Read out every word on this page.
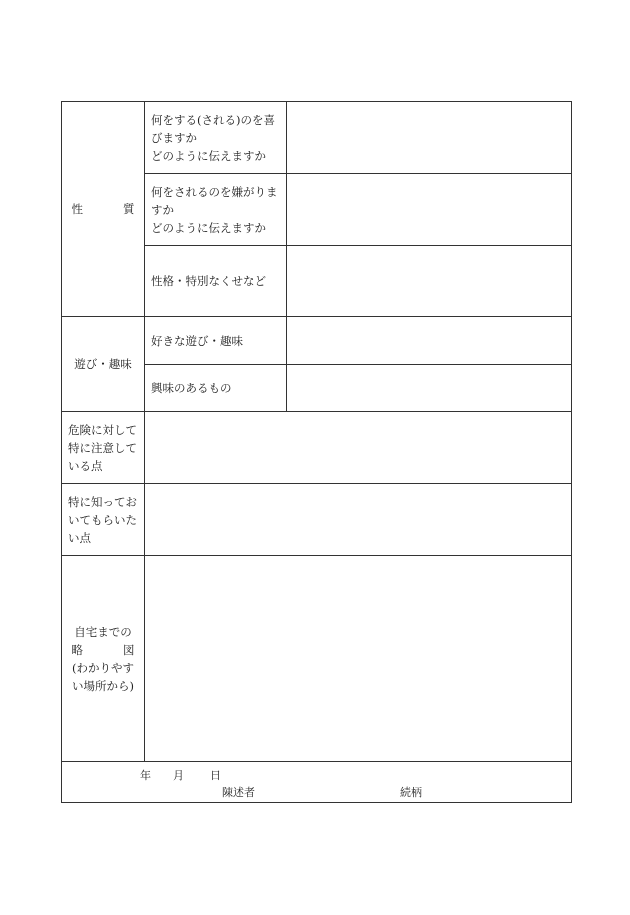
性 質	何をする(される)のを喜
びますか
どのように伝えますか	

	何をされるのを嫌がりま
すか
どのように伝えますか	

	性格・特別なくせなど	

遊び・趣味	好きな遊び・趣味	

	興味のあるもの	

危険に対して
特に注意して
いる点		

特に知ってお
いてもらいた
い点		

自宅までの
略 図
(わかりやす
い場所から)		

年 月 日
陳述者 続柄		
